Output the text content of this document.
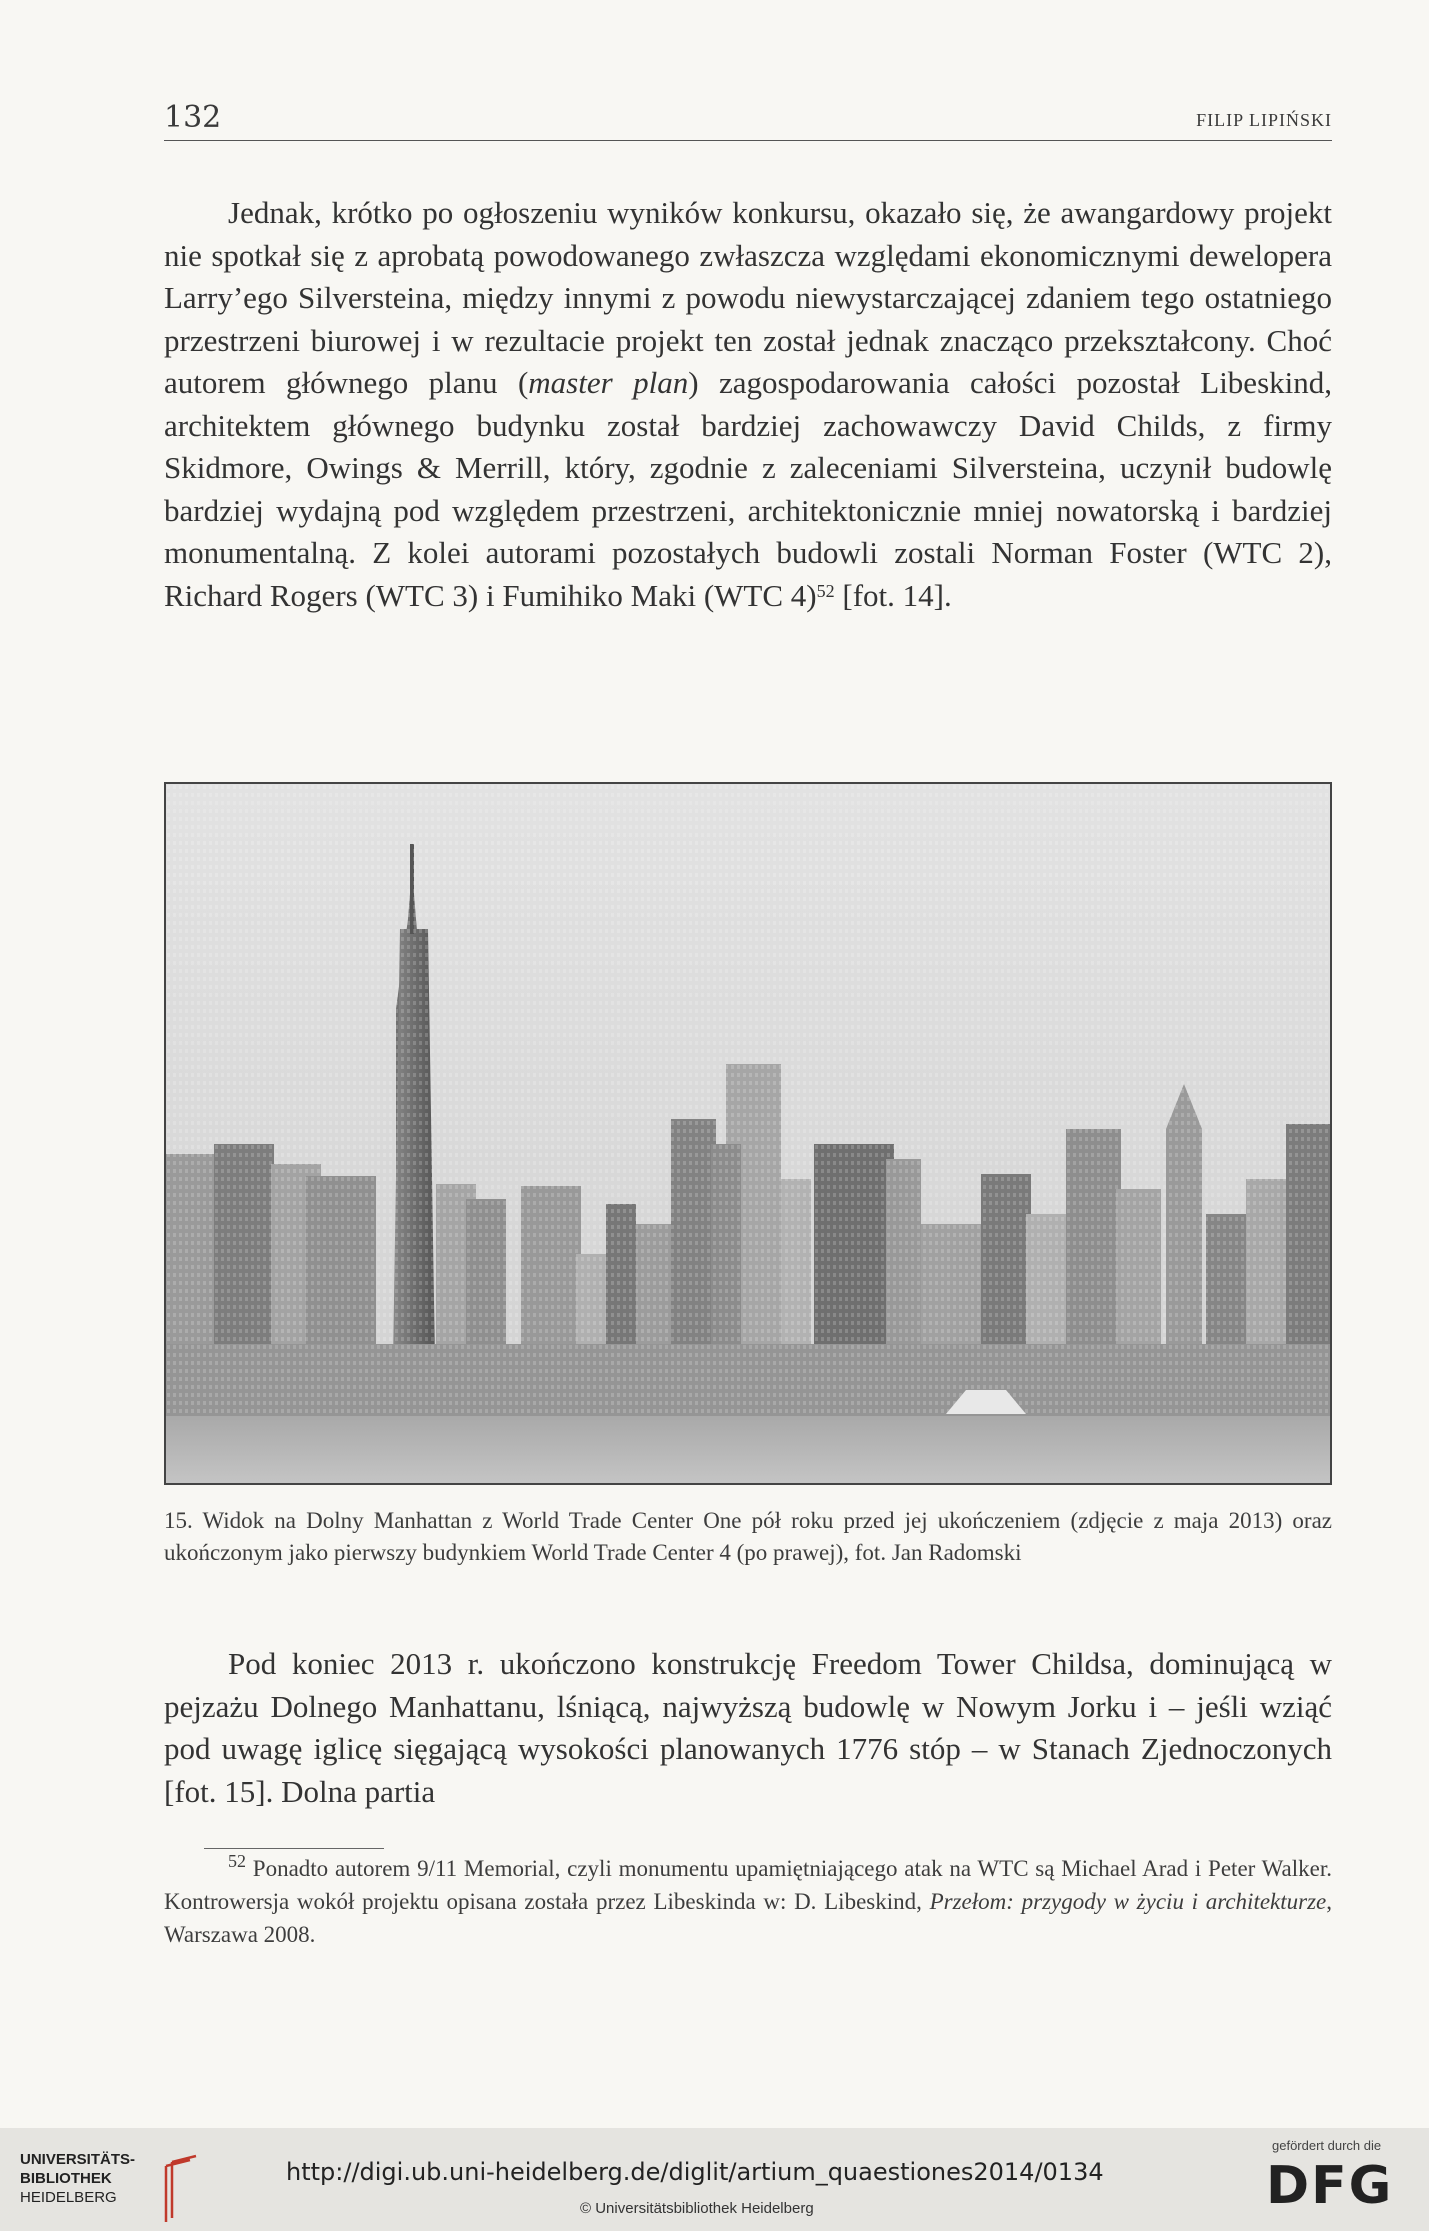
132	FILIP LIPIŃSKI

Jednak, krótko po ogłoszeniu wyników konkursu, okazało się, że awangardowy projekt nie spotkał się z aprobatą powodowanego zwłaszcza względami ekonomicznymi dewelopera Larry’ego Silversteina, między innymi z powodu niewystarczającej zdaniem tego ostatniego przestrzeni biurowej i w rezultacie projekt ten został jednak znacząco przekształcony. Choć autorem głównego planu (master plan) zagospodarowania całości pozostał Libeskind, architektem głównego budynku został bardziej zachowawczy David Childs, z firmy Skidmore, Owings & Merrill, który, zgodnie z zaleceniami Silversteina, uczynił budowlę bardziej wydajną pod względem przestrzeni, architektonicznie mniej nowatorską i bardziej monumentalną. Z kolei autorami pozostałych budowli zostali Norman Foster (WTC 2), Richard Rogers (WTC 3) i Fumihiko Maki (WTC 4)$^{52}$ [fot. 14].

15. Widok na Dolny Manhattan z World Trade Center One pół roku przed jej ukończeniem (zdjęcie z maja 2013) oraz ukończonym jako pierwszy budynkiem World Trade Center 4 (po prawej), fot. Jan Radomski

Pod koniec 2013 r. ukończono konstrukcję Freedom Tower Childsa, dominującą w pejzażu Dolnego Manhattanu, lśniącą, najwyższą budowlę w Nowym Jorku i – jeśli wziąć pod uwagę iglicę sięgającą wysokości planowanych 1776 stóp – w Stanach Zjednoczonych [fot. 15]. Dolna partia

$^{52}$ Ponadto autorem 9/11 Memorial, czyli monumentu upamiętniającego atak na WTC są Michael Arad i Peter Walker. Kontrowersja wokół projektu opisana została przez Libeskinda w: D. Libeskind, Przełom: przygody w życiu i architekturze, Warszawa 2008.

UNIVERSITÄTS-
BIBLIOTHEK
HEIDELBERG
http://digi.ub.uni-heidelberg.de/diglit/artium_quaestiones2014/0134
© Universitätsbibliothek Heidelberg
gefördert durch die
DFG
